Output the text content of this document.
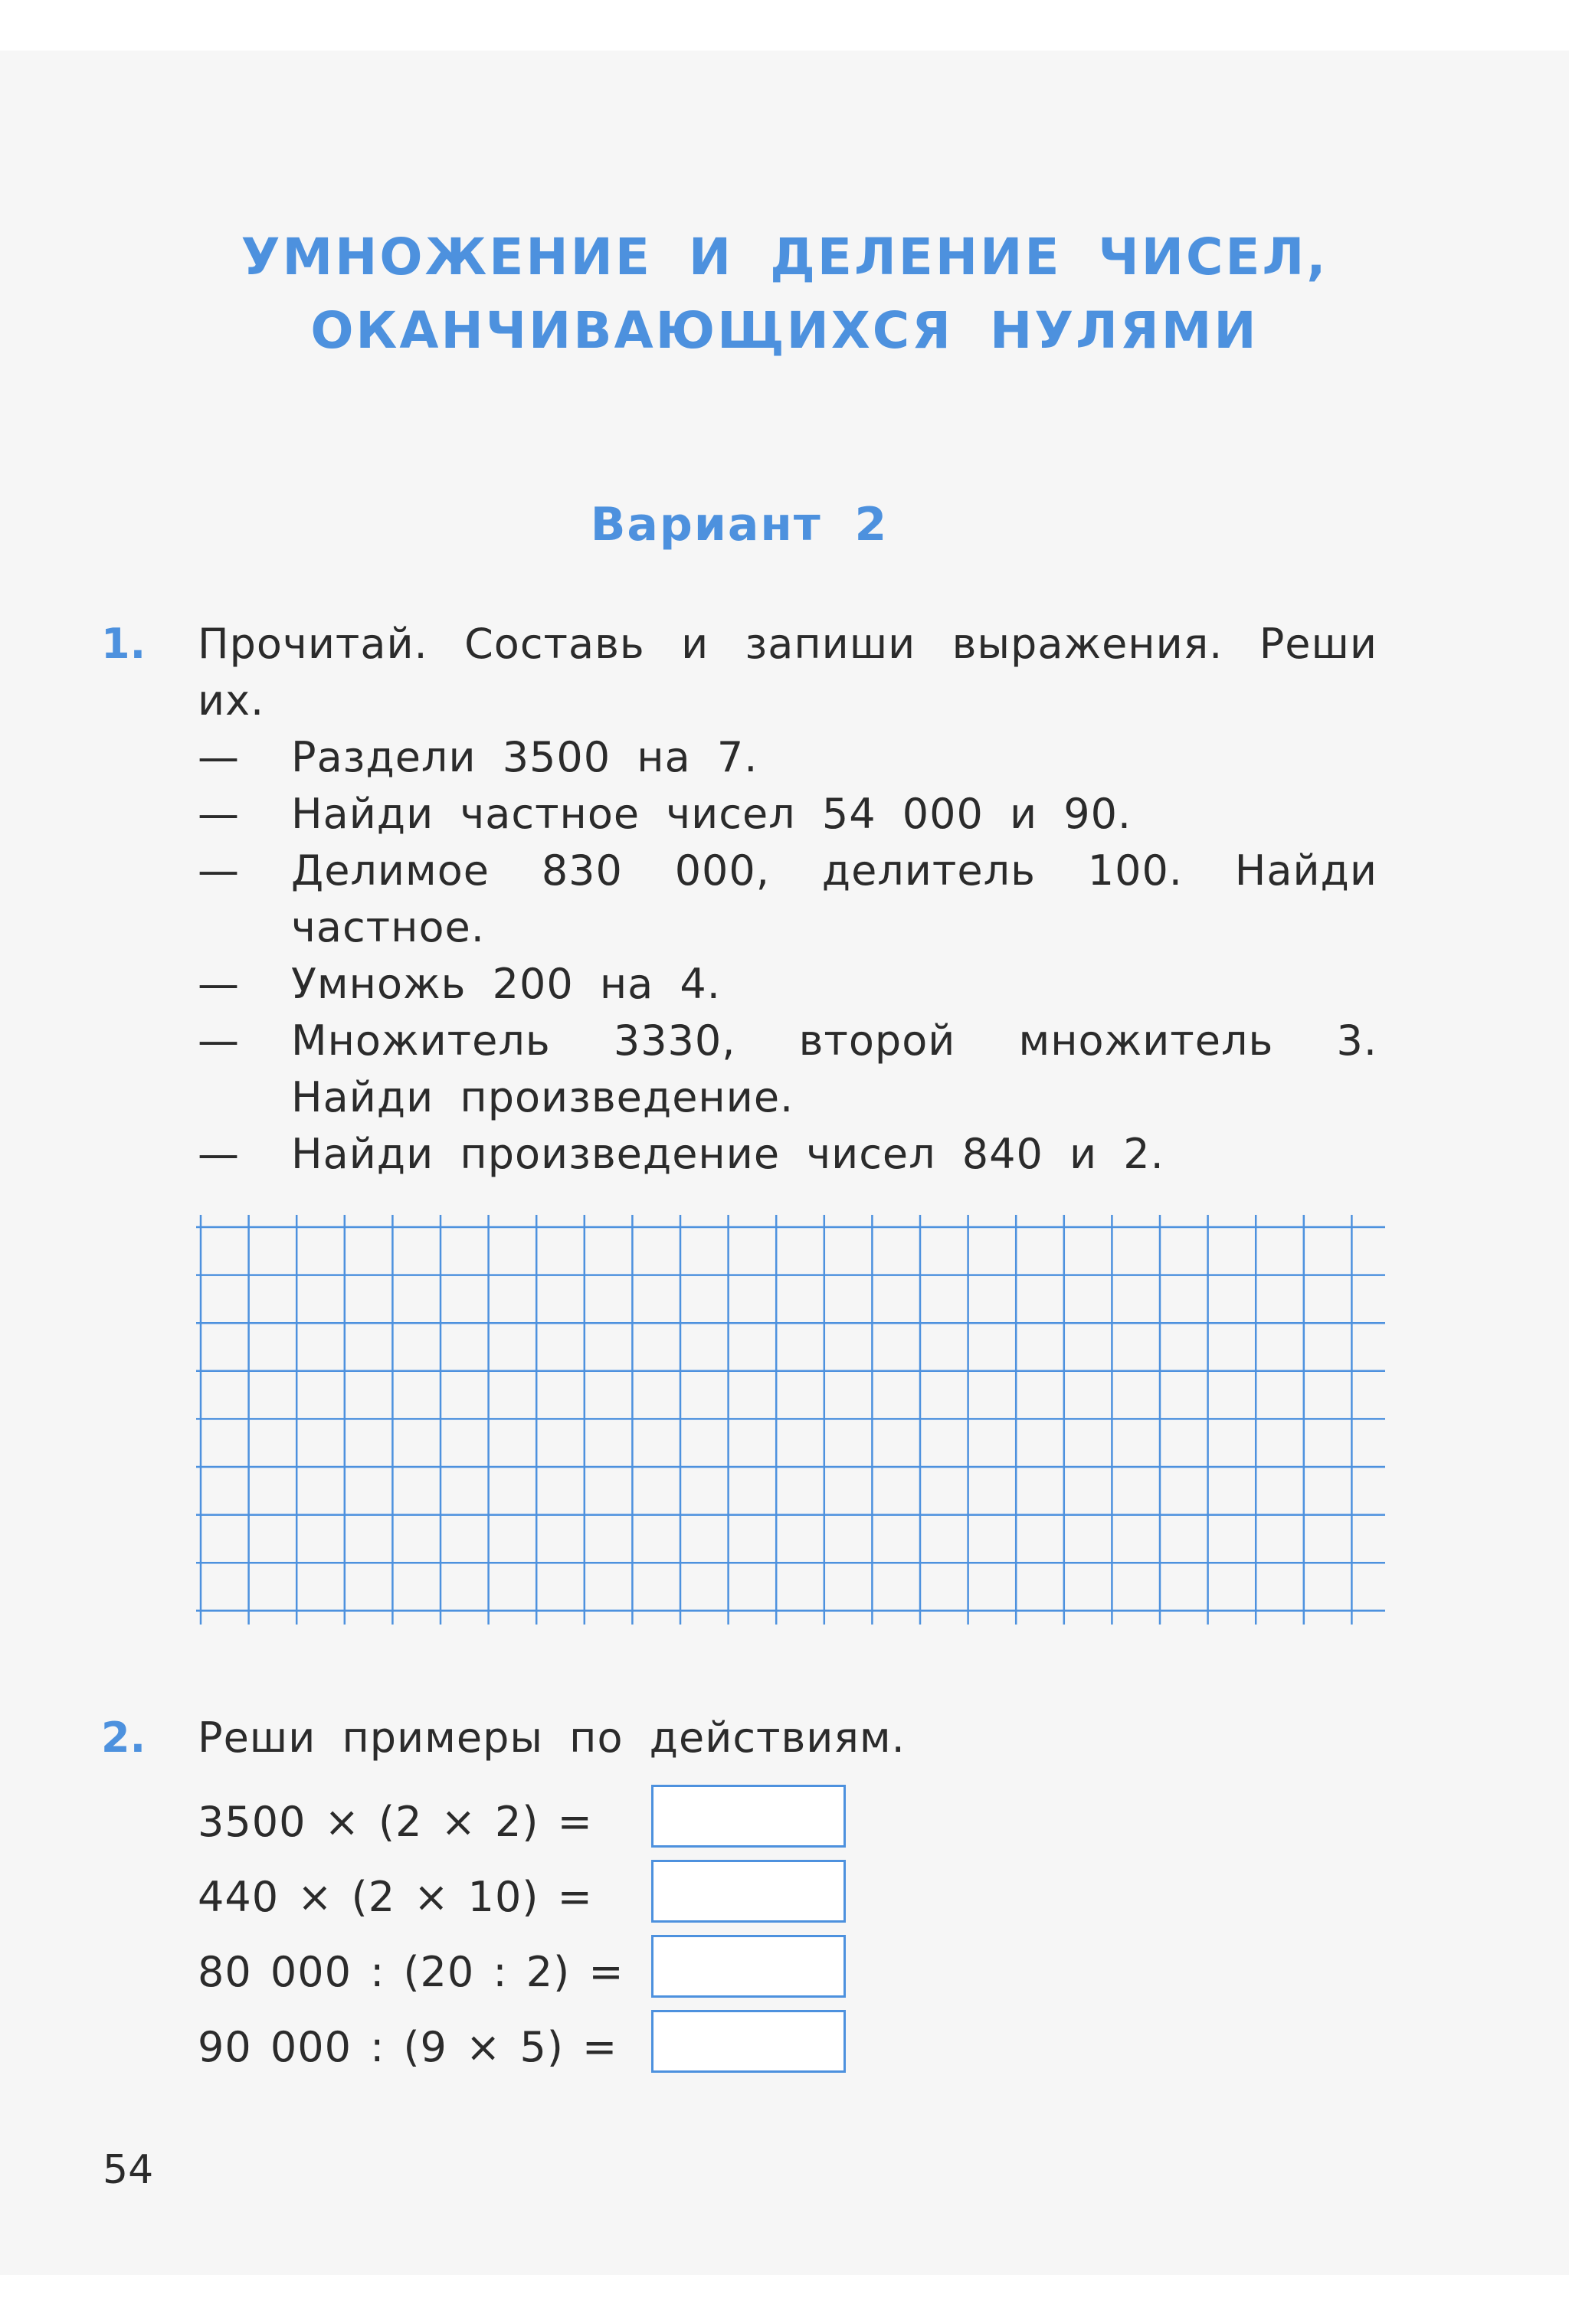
УМНОЖЕНИЕ И ДЕЛЕНИЕ ЧИСЕЛ,
ОКАНЧИВАЮЩИХСЯ НУЛЯМИ
Вариант 2
1. Прочитай. Составь и запиши выражения. Реши их.
— Раздели 3500 на 7.
— Найди частное чисел 54 000 и 90.
— Делимое 830 000, делитель 100. Найди частное.
— Умножь 200 на 4.
— Множитель 3330, второй множитель 3. Найди произведение.
— Найди произведение чисел 840 и 2.
2. Реши примеры по действиям.
3500 × (2 × 2) =
440 × (2 × 10) =
80 000 : (20 : 2) =
90 000 : (9 × 5) =
54
